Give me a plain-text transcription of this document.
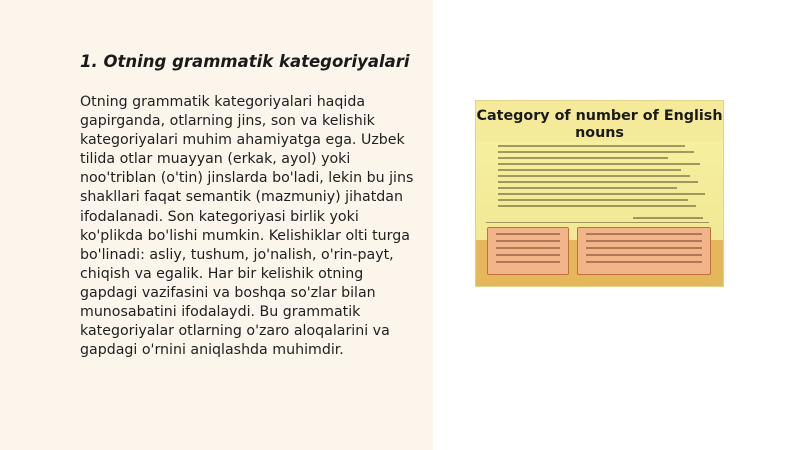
1. Otning grammatik kategoriyalari

Otning grammatik kategoriyalari haqida gapirganda, otlarning jins, son va kelishik kategoriyalari muhim ahamiyatga ega. Uzbek tilida otlar muayyan (erkak, ayol) yoki noo'triblan (o'tin) jinslarda bo'ladi, lekin bu jins shakllari faqat semantik (mazmuniy) jihatdan ifodalanadi. Son kategoriyasi birlik yoki ko'plikda bo'lishi mumkin. Kelishiklar olti turga bo'linadi: asliy, tushum, jo'nalish, o'rin-payt, chiqish va egalik. Har bir kelishik otning gapdagi vazifasini va boshqa so'zlar bilan munosabatini ifodalaydi. Bu grammatik kategoriyalar otlarning o'zaro aloqalarini va gapdagi o'rnini aniqlashda muhimdir.

Category of number of English nouns
